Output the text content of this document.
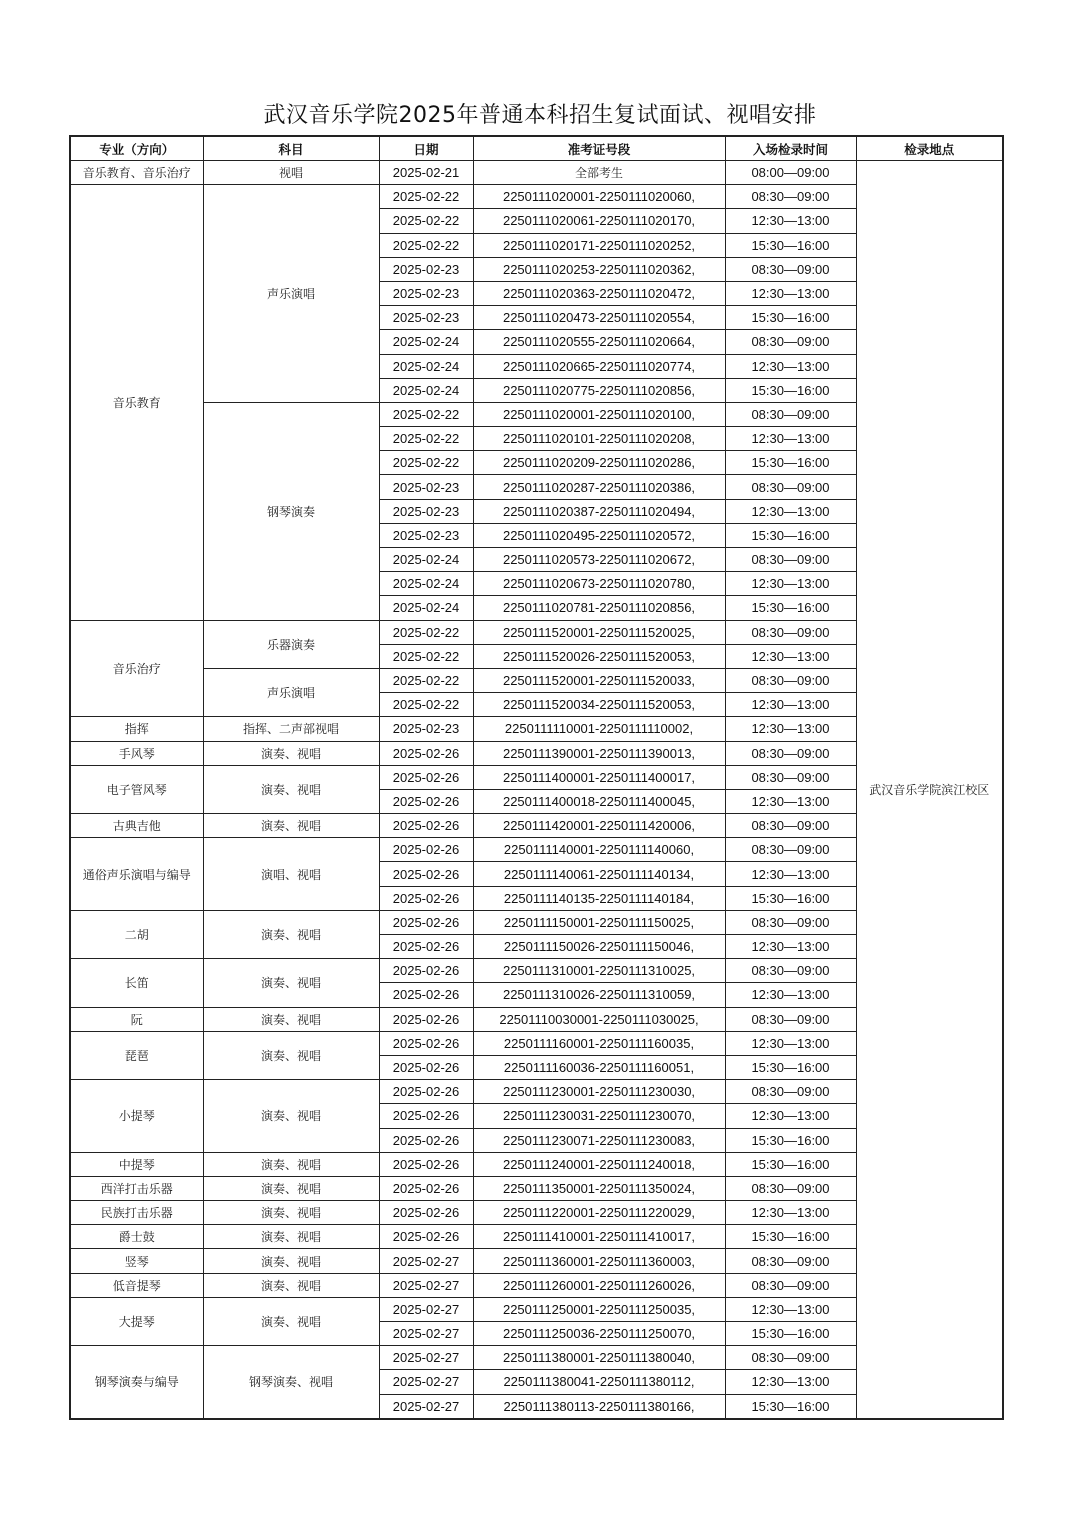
武汉音乐学院2025年普通本科招生复试面试、视唱安排
专业（方向）	科目	日期	准考证号段	入场检录时间	检录地点
音乐教育、音乐治疗	视唱	2025-02-21	全部考生	08:00—09:00	武汉音乐学院滨江校区
音乐教育	声乐演唱	2025-02-22	2250111020001-2250111020060,	08:30—09:00	
		2025-02-22	2250111020061-2250111020170,	12:30—13:00	
		2025-02-22	2250111020171-2250111020252,	15:30—16:00	
		2025-02-23	2250111020253-2250111020362,	08:30—09:00	
		2025-02-23	2250111020363-2250111020472,	12:30—13:00	
		2025-02-23	2250111020473-2250111020554,	15:30—16:00	
		2025-02-24	2250111020555-2250111020664,	08:30—09:00	
		2025-02-24	2250111020665-2250111020774,	12:30—13:00	
		2025-02-24	2250111020775-2250111020856,	15:30—16:00	
	钢琴演奏	2025-02-22	2250111020001-2250111020100,	08:30—09:00	
		2025-02-22	2250111020101-2250111020208,	12:30—13:00	
		2025-02-22	2250111020209-2250111020286,	15:30—16:00	
		2025-02-23	2250111020287-2250111020386,	08:30—09:00	
		2025-02-23	2250111020387-2250111020494,	12:30—13:00	
		2025-02-23	2250111020495-2250111020572,	15:30—16:00	
		2025-02-24	2250111020573-2250111020672,	08:30—09:00	
		2025-02-24	2250111020673-2250111020780,	12:30—13:00	
		2025-02-24	2250111020781-2250111020856,	15:30—16:00	
音乐治疗	乐器演奏	2025-02-22	2250111520001-2250111520025,	08:30—09:00	
		2025-02-22	2250111520026-2250111520053,	12:30—13:00	
	声乐演唱	2025-02-22	2250111520001-2250111520033,	08:30—09:00	
		2025-02-22	2250111520034-2250111520053,	12:30—13:00	
指挥	指挥、二声部视唱	2025-02-23	2250111110001-2250111110002,	12:30—13:00	
手风琴	演奏、视唱	2025-02-26	2250111390001-2250111390013,	08:30—09:00	
电子管风琴	演奏、视唱	2025-02-26	2250111400001-2250111400017,	08:30—09:00	
		2025-02-26	2250111400018-2250111400045,	12:30—13:00	
古典吉他	演奏、视唱	2025-02-26	2250111420001-2250111420006,	08:30—09:00	
通俗声乐演唱与编导	演唱、视唱	2025-02-26	2250111140001-2250111140060,	08:30—09:00	
		2025-02-26	2250111140061-2250111140134,	12:30—13:00	
		2025-02-26	2250111140135-2250111140184,	15:30—16:00	
二胡	演奏、视唱	2025-02-26	2250111150001-2250111150025,	08:30—09:00	
		2025-02-26	2250111150026-2250111150046,	12:30—13:00	
长笛	演奏、视唱	2025-02-26	2250111310001-2250111310025,	08:30—09:00	
		2025-02-26	2250111310026-2250111310059,	12:30—13:00	
阮	演奏、视唱	2025-02-26	22501110030001-2250111030025,	08:30—09:00	
琵琶	演奏、视唱	2025-02-26	2250111160001-2250111160035,	12:30—13:00	
		2025-02-26	2250111160036-2250111160051,	15:30—16:00	
小提琴	演奏、视唱	2025-02-26	2250111230001-2250111230030,	08:30—09:00	
		2025-02-26	2250111230031-2250111230070,	12:30—13:00	
		2025-02-26	2250111230071-2250111230083,	15:30—16:00	
中提琴	演奏、视唱	2025-02-26	2250111240001-2250111240018,	15:30—16:00	
西洋打击乐器	演奏、视唱	2025-02-26	2250111350001-2250111350024,	08:30—09:00	
民族打击乐器	演奏、视唱	2025-02-26	2250111220001-2250111220029,	12:30—13:00	
爵士鼓	演奏、视唱	2025-02-26	2250111410001-2250111410017,	15:30—16:00	
竖琴	演奏、视唱	2025-02-27	2250111360001-2250111360003,	08:30—09:00	
低音提琴	演奏、视唱	2025-02-27	2250111260001-2250111260026,	08:30—09:00	
大提琴	演奏、视唱	2025-02-27	2250111250001-2250111250035,	12:30—13:00	
		2025-02-27	2250111250036-2250111250070,	15:30—16:00	
钢琴演奏与编导	钢琴演奏、视唱	2025-02-27	2250111380001-2250111380040,	08:30—09:00	
		2025-02-27	2250111380041-2250111380112,	12:30—13:00	
		2025-02-27	2250111380113-2250111380166,	15:30—16:00	
